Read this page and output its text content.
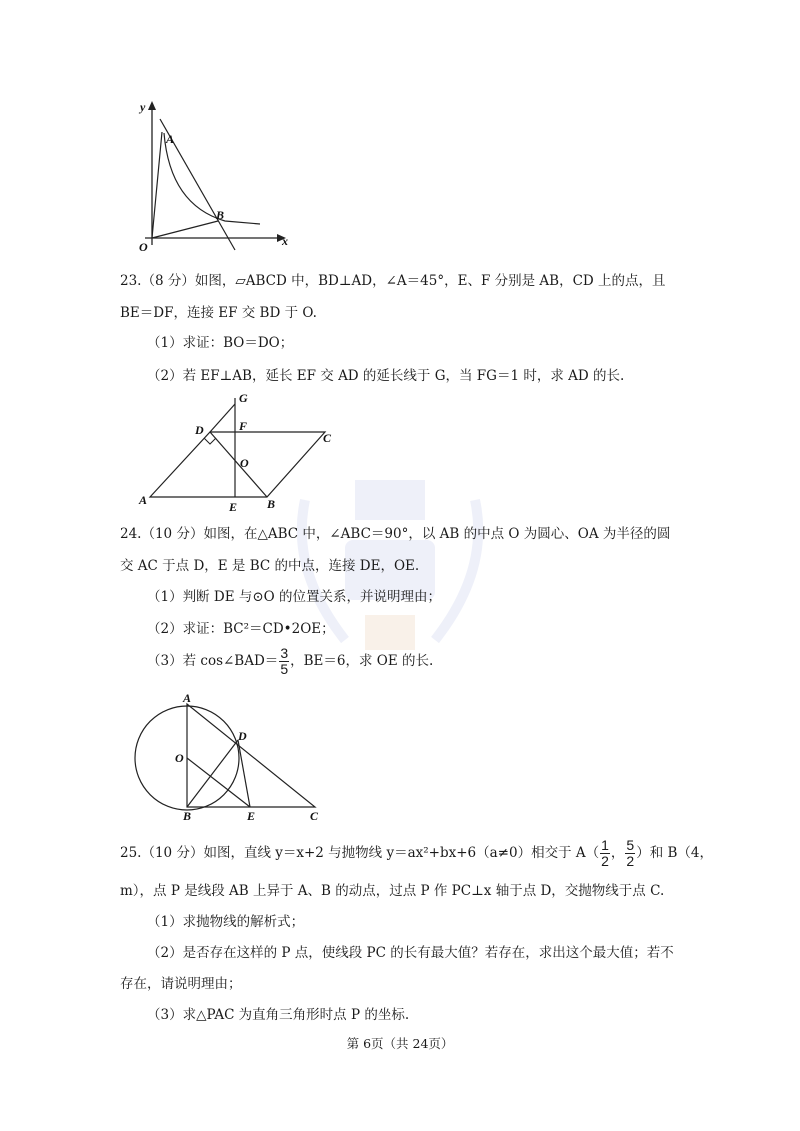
y
x
O
A
B
23.（8 分）如图，▱ABCD 中，BD⊥AD，∠A＝45°，E、F 分别是 AB，CD 上的点，且
BE＝DF，连接 EF 交 BD 于 O.
（1）求证：BO＝DO；
（2）若 EF⊥AB，延长 EF 交 AD 的延长线于 G，当 FG＝1 时，求 AD 的长.
G
D	F
C
O
A	E B
24.（10 分）如图，在△ABC 中，∠ABC＝90°，以 AB 的中点 O 为圆心、OA 为半径的圆
交 AC 于点 D，E 是 BC 的中点，连接 DE，OE.
（1）判断 DE 与⊙O 的位置关系，并说明理由；
（2）求证：BC²＝CD•2OE；
（3）若 cos∠BAD＝ $\frac{3}{5}$ ，BE＝6，求 OE 的长.
A
O
D
B	E	C
25.（10 分）如图，直线 y＝x+2 与抛物线 y＝ax²+bx+6（a≠0）相交于 $A( \frac{1}{2}$ ， $\frac{5}{2}$ ）和 B（4，
m），点 P 是线段 AB 上异于 A、B 的动点，过点 P 作 PC⊥x 轴于点 D，交抛物线于点 C.
（1）求抛物线的解析式；
（2）是否存在这样的 P 点，使线段 PC 的长有最大值？若存在，求出这个最大值；若不
存在，请说明理由；
（3）求△PAC 为直角三角形时点 P 的坐标.
第 6页（共 24页）
